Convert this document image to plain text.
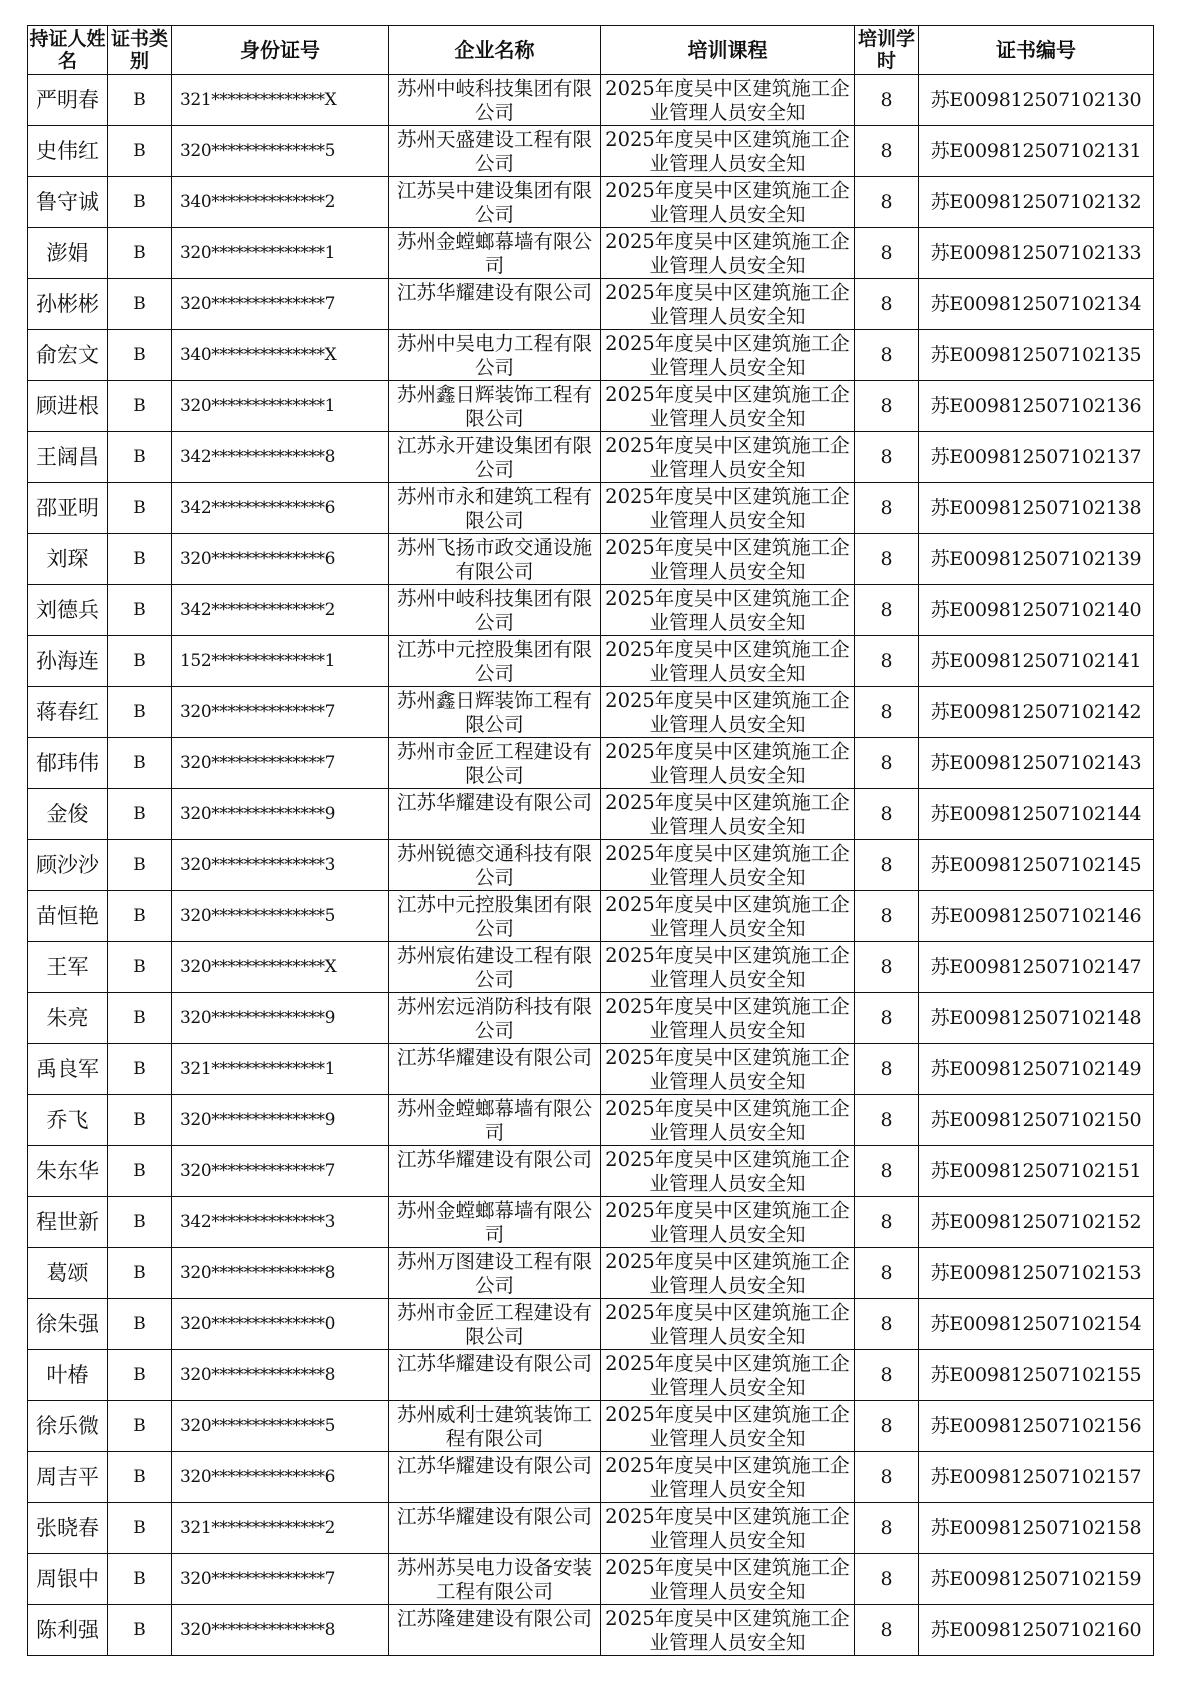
持证人姓名	证书类别	身份证号	企业名称	培训课程	培训学时	证书编号
严明春	B	321**************X	苏州中岐科技集团有限公司	2025年度吴中区建筑施工企业管理人员安全知	8	苏E009812507102130
史伟红	B	320**************5	苏州天盛建设工程有限公司	2025年度吴中区建筑施工企业管理人员安全知	8	苏E009812507102131
鲁守诚	B	340**************2	江苏吴中建设集团有限公司	2025年度吴中区建筑施工企业管理人员安全知	8	苏E009812507102132
澎娟	B	320**************1	苏州金螳螂幕墙有限公司	2025年度吴中区建筑施工企业管理人员安全知	8	苏E009812507102133
孙彬彬	B	320**************7	江苏华耀建设有限公司	2025年度吴中区建筑施工企业管理人员安全知	8	苏E009812507102134
俞宏文	B	340**************X	苏州中吴电力工程有限公司	2025年度吴中区建筑施工企业管理人员安全知	8	苏E009812507102135
顾进根	B	320**************1	苏州鑫日辉装饰工程有限公司	2025年度吴中区建筑施工企业管理人员安全知	8	苏E009812507102136
王阔昌	B	342**************8	江苏永开建设集团有限公司	2025年度吴中区建筑施工企业管理人员安全知	8	苏E009812507102137
邵亚明	B	342**************6	苏州市永和建筑工程有限公司	2025年度吴中区建筑施工企业管理人员安全知	8	苏E009812507102138
刘琛	B	320**************6	苏州飞扬市政交通设施有限公司	2025年度吴中区建筑施工企业管理人员安全知	8	苏E009812507102139
刘德兵	B	342**************2	苏州中岐科技集团有限公司	2025年度吴中区建筑施工企业管理人员安全知	8	苏E009812507102140
孙海连	B	152**************1	江苏中元控股集团有限公司	2025年度吴中区建筑施工企业管理人员安全知	8	苏E009812507102141
蒋春红	B	320**************7	苏州鑫日辉装饰工程有限公司	2025年度吴中区建筑施工企业管理人员安全知	8	苏E009812507102142
郁玮伟	B	320**************7	苏州市金匠工程建设有限公司	2025年度吴中区建筑施工企业管理人员安全知	8	苏E009812507102143
金俊	B	320**************9	江苏华耀建设有限公司	2025年度吴中区建筑施工企业管理人员安全知	8	苏E009812507102144
顾沙沙	B	320**************3	苏州锐德交通科技有限公司	2025年度吴中区建筑施工企业管理人员安全知	8	苏E009812507102145
苗恒艳	B	320**************5	江苏中元控股集团有限公司	2025年度吴中区建筑施工企业管理人员安全知	8	苏E009812507102146
王军	B	320**************X	苏州宸佑建设工程有限公司	2025年度吴中区建筑施工企业管理人员安全知	8	苏E009812507102147
朱亮	B	320**************9	苏州宏远消防科技有限公司	2025年度吴中区建筑施工企业管理人员安全知	8	苏E009812507102148
禹良军	B	321**************1	江苏华耀建设有限公司	2025年度吴中区建筑施工企业管理人员安全知	8	苏E009812507102149
乔飞	B	320**************9	苏州金螳螂幕墙有限公司	2025年度吴中区建筑施工企业管理人员安全知	8	苏E009812507102150
朱东华	B	320**************7	江苏华耀建设有限公司	2025年度吴中区建筑施工企业管理人员安全知	8	苏E009812507102151
程世新	B	342**************3	苏州金螳螂幕墙有限公司	2025年度吴中区建筑施工企业管理人员安全知	8	苏E009812507102152
葛颂	B	320**************8	苏州万图建设工程有限公司	2025年度吴中区建筑施工企业管理人员安全知	8	苏E009812507102153
徐朱强	B	320**************0	苏州市金匠工程建设有限公司	2025年度吴中区建筑施工企业管理人员安全知	8	苏E009812507102154
叶椿	B	320**************8	江苏华耀建设有限公司	2025年度吴中区建筑施工企业管理人员安全知	8	苏E009812507102155
徐乐微	B	320**************5	苏州威利士建筑装饰工程有限公司	2025年度吴中区建筑施工企业管理人员安全知	8	苏E009812507102156
周吉平	B	320**************6	江苏华耀建设有限公司	2025年度吴中区建筑施工企业管理人员安全知	8	苏E009812507102157
张晓春	B	321**************2	江苏华耀建设有限公司	2025年度吴中区建筑施工企业管理人员安全知	8	苏E009812507102158
周银中	B	320**************7	苏州苏吴电力设备安装工程有限公司	2025年度吴中区建筑施工企业管理人员安全知	8	苏E009812507102159
陈利强	B	320**************8	江苏隆建建设有限公司	2025年度吴中区建筑施工企业管理人员安全知	8	苏E009812507102160
